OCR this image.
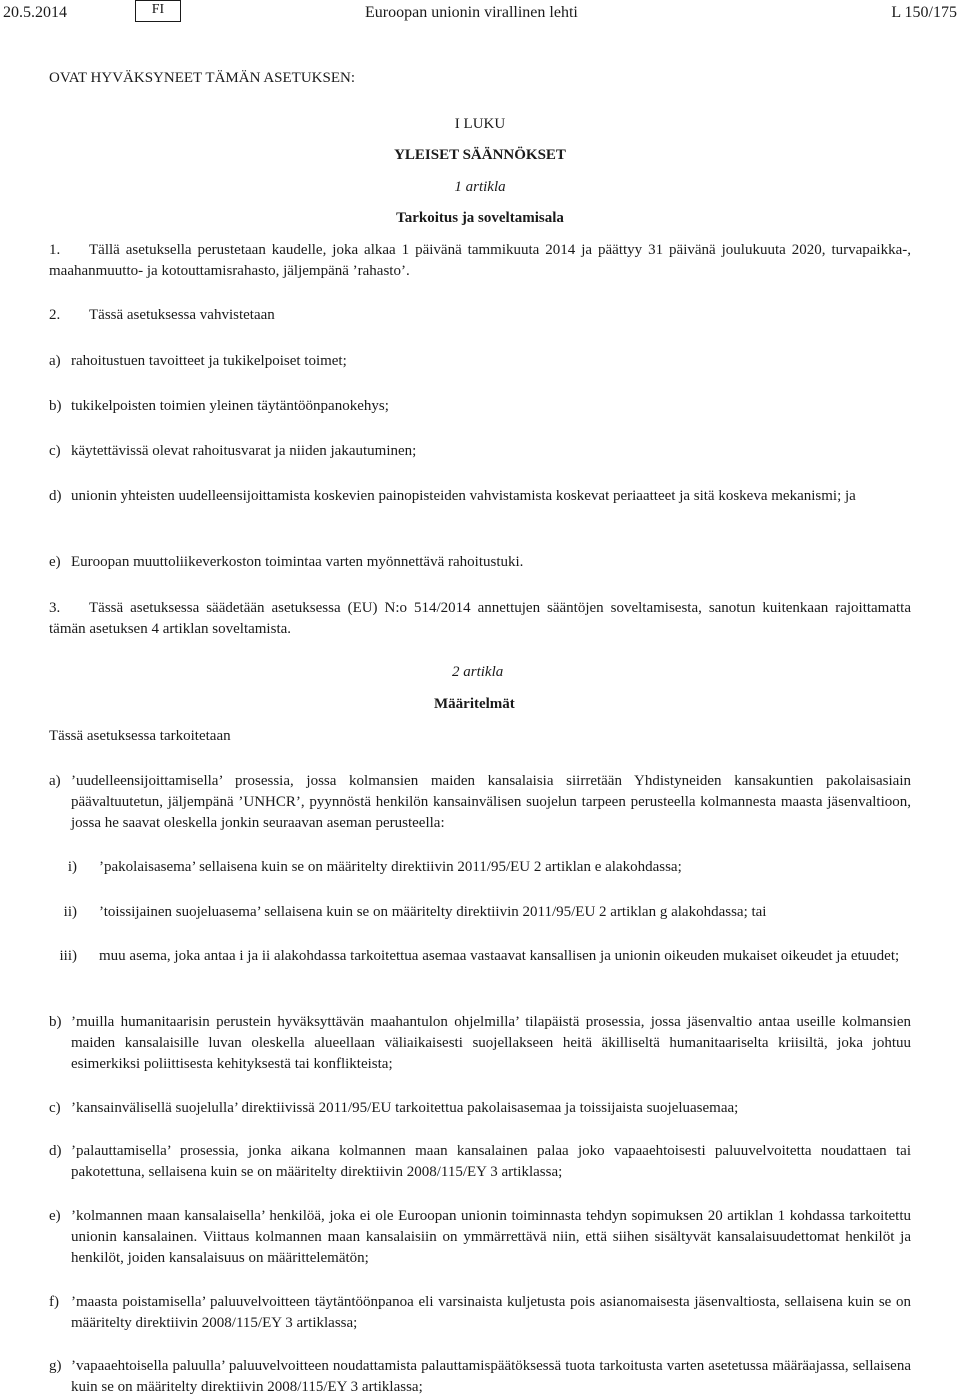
20.5.2014	FI	Euroopan unionin virallinen lehti	L 150/175
OVAT HYVÄKSYNEET TÄMÄN ASETUKSEN:
I LUKU
YLEISET SÄÄNNÖKSET
1 artikla
Tarkoitus ja soveltamisala
1. Tällä asetuksella perustetaan kaudelle, joka alkaa 1 päivänä tammikuuta 2014 ja päättyy 31 päivänä joulukuuta 2020, turvapaikka-, maahanmuutto- ja kotouttamisrahasto, jäljempänä ’rahasto’.
2. Tässä asetuksessa vahvistetaan
a) rahoitustuen tavoitteet ja tukikelpoiset toimet;
b) tukikelpoisten toimien yleinen täytäntöönpanokehys;
c) käytettävissä olevat rahoitusvarat ja niiden jakautuminen;
d) unionin yhteisten uudelleensijoittamista koskevien painopisteiden vahvistamista koskevat periaatteet ja sitä koskeva mekanismi; ja
e) Euroopan muuttoliikeverkoston toimintaa varten myönnettävä rahoitustuki.
3. Tässä asetuksessa säädetään asetuksessa (EU) N:o 514/2014 annettujen sääntöjen soveltamisesta, sanotun kuitenkaan rajoittamatta tämän asetuksen 4 artiklan soveltamista.
2 artikla
Määritelmät
Tässä asetuksessa tarkoitetaan
a) ’uudelleensijoittamisella’ prosessia, jossa kolmansien maiden kansalaisia siirretään Yhdistyneiden kansakuntien pakolaisasiain päävaltuutetun, jäljempänä ’UNHCR’, pyynnöstä henkilön kansainvälisen suojelun tarpeen perusteella kolmannesta maasta jäsenvaltioon, jossa he saavat oleskella jonkin seuraavan aseman perusteella:
i) ’pakolaisasema’ sellaisena kuin se on määritelty direktiivin 2011/95/EU 2 artiklan e alakohdassa;
ii) ’toissijainen suojeluasema’ sellaisena kuin se on määritelty direktiivin 2011/95/EU 2 artiklan g alakohdassa; tai
iii) muu asema, joka antaa i ja ii alakohdassa tarkoitettua asemaa vastaavat kansallisen ja unionin oikeuden mukaiset oikeudet ja etuudet;
b) ’muilla humanitaarisin perustein hyväksyttävän maahantulon ohjelmilla’ tilapäistä prosessia, jossa jäsenvaltio antaa useille kolmansien maiden kansalaisille luvan oleskella alueellaan väliaikaisesti suojellakseen heitä äkilliseltä humanitaariselta kriisiltä, joka johtuu esimerkiksi poliittisesta kehityksestä tai konflikteista;
c) ’kansainvälisellä suojelulla’ direktiivissä 2011/95/EU tarkoitettua pakolaisasemaa ja toissijaista suojeluasemaa;
d) ’palauttamisella’ prosessia, jonka aikana kolmannen maan kansalainen palaa joko vapaaehtoisesti paluuvelvoitetta noudattaen tai pakotettuna, sellaisena kuin se on määritelty direktiivin 2008/115/EY 3 artiklassa;
e) ’kolmannen maan kansalaisella’ henkilöä, joka ei ole Euroopan unionin toiminnasta tehdyn sopimuksen 20 artiklan 1 kohdassa tarkoitettu unionin kansalainen. Viittaus kolmannen maan kansalaisiin on ymmärrettävä niin, että siihen sisältyvät kansalaisuudettomat henkilöt ja henkilöt, joiden kansalaisuus on määrittelemätön;
f) ’maasta poistamisella’ paluuvelvoitteen täytäntöönpanoa eli varsinaista kuljetusta pois asianomaisesta jäsenvaltiosta, sellaisena kuin se on määritelty direktiivin 2008/115/EY 3 artiklassa;
g) ’vapaaehtoisella paluulla’ paluuvelvoitteen noudattamista palauttamispäätöksessä tuota tarkoitusta varten asetetussa määräajassa, sellaisena kuin se on määritelty direktiivin 2008/115/EY 3 artiklassa;
